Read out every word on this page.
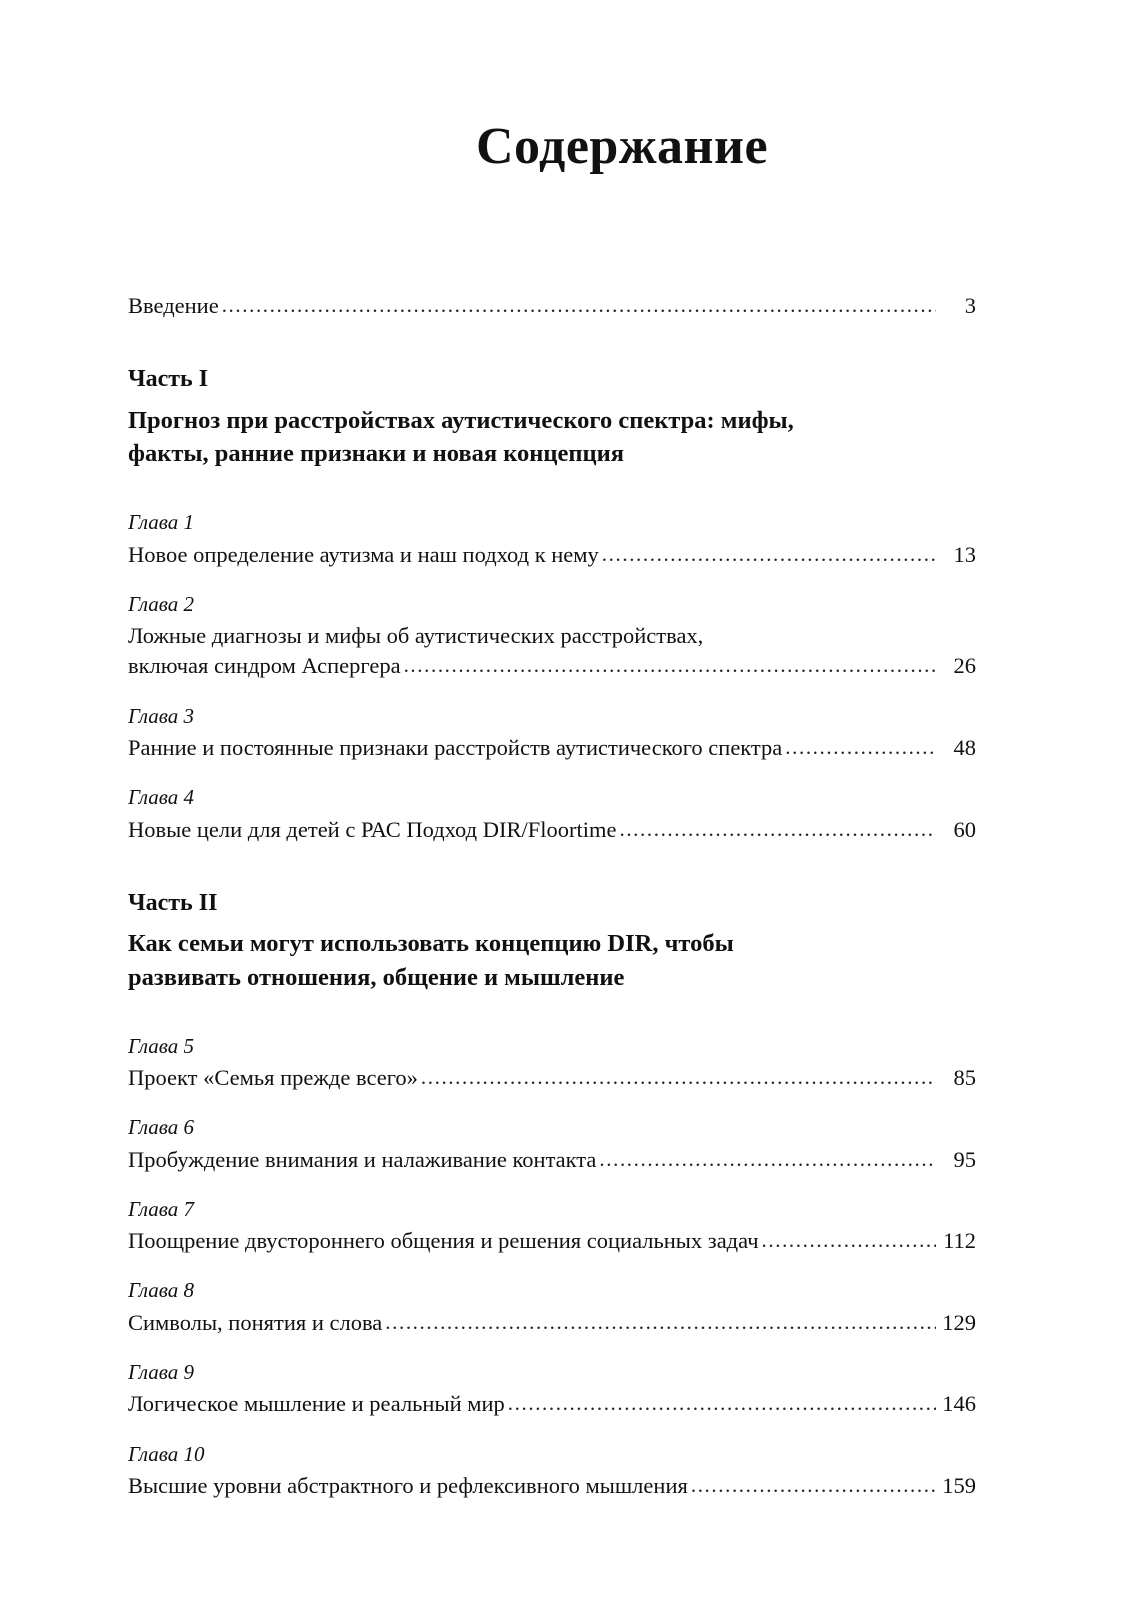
Содержание
Введение .....	3
Часть I
Прогноз при расстройствах аутистического спектра: мифы,
факты, ранние признаки и новая концепция
Глава 1
Новое определение аутизма и наш подход к нему .....	13
Глава 2
Ложные диагнозы и мифы об аутистических расстройствах,
включая синдром Аспергера .....	26
Глава 3
Ранние и постоянные признаки расстройств аутистического спектра .....	48
Глава 4
Новые цели для детей с РАС Подход DIR/Floortime .....	60
Часть II
Как семьи могут использовать концепцию DIR, чтобы
развивать отношения, общение и мышление
Глава 5
Проект «Семья прежде всего» .....	85
Глава 6
Пробуждение внимания и налаживание контакта .....	95
Глава 7
Поощрение двустороннего общения и решения социальных задач .....	112
Глава 8
Символы, понятия и слова .....	129
Глава 9
Логическое мышление и реальный мир .....	146
Глава 10
Высшие уровни абстрактного и рефлексивного мышления .....	159
